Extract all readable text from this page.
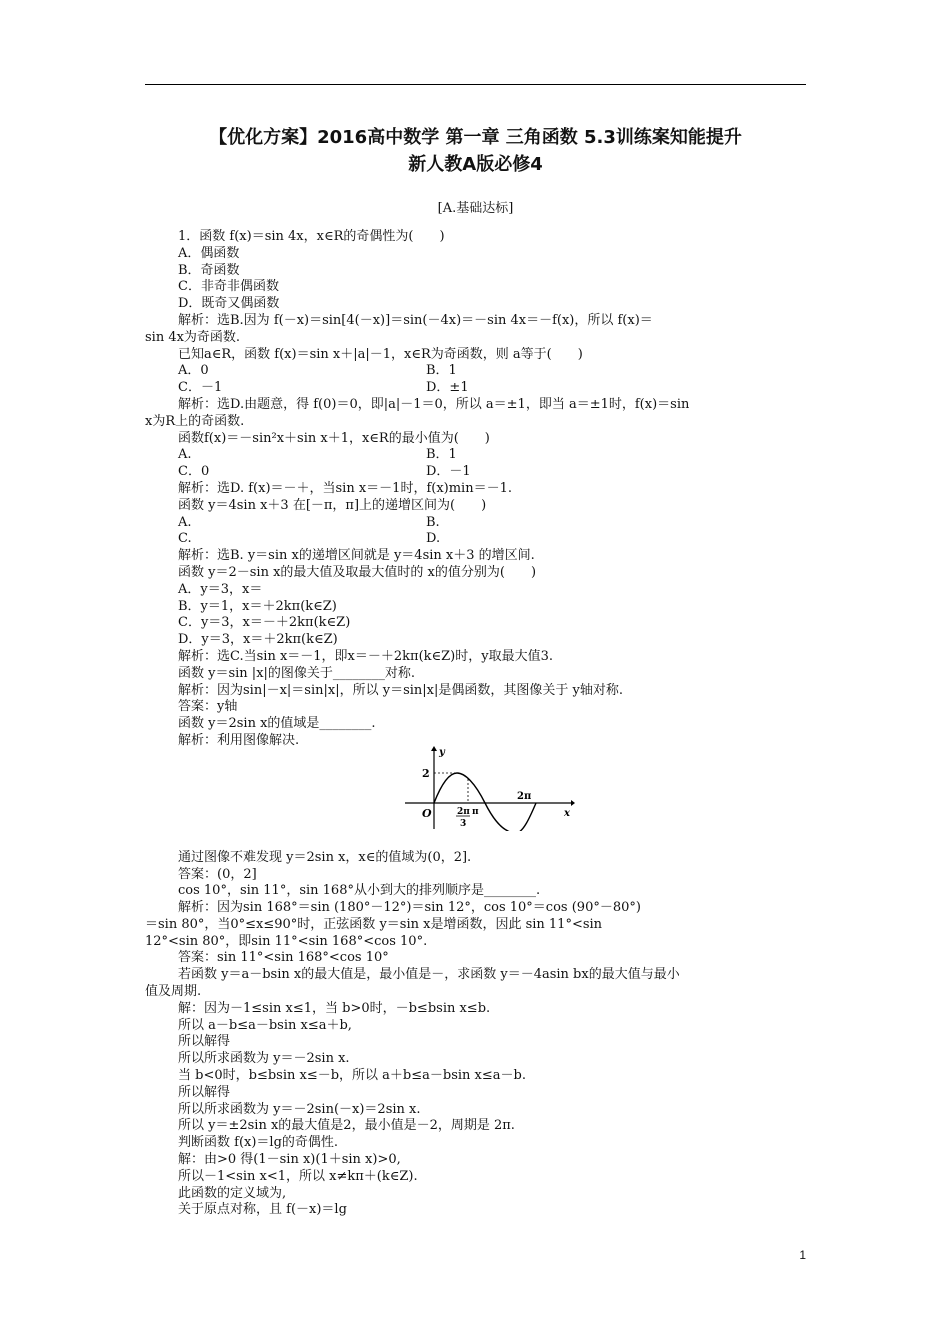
【优化方案】2016高中数学 第一章 三角函数 5.3训练案知能提升
新人教A版必修4
[A.基础达标]
1．函数 f(x)＝sin 4x，x∈R的奇偶性为(　　)
A．偶函数
B．奇函数
C．非奇非偶函数
D．既奇又偶函数
解析：选B.因为 f(－x)＝sin[4(－x)]＝sin(－4x)＝－sin 4x＝－f(x)，所以 f(x)＝
sin 4x为奇函数.
已知a∈R，函数 f(x)＝sin x＋|a|－1，x∈R为奇函数，则 a等于(　　)
A．0	B．1
C．－1	D．±1
解析：选D.由题意，得 f(0)＝0，即|a|－1＝0，所以 a＝±1，即当 a＝±1时，f(x)＝sin
x为R上的奇函数.
函数f(x)＝－sin²x＋sin x＋1，x∈R的最小值为(　　)
A.	B．1
C．0	D．－1
解析：选D. f(x)＝－＋，当sin x＝－1时，f(x)min＝－1.
函数 y＝4sin x＋3 在[－π，π]上的递增区间为(　　)
A.	B.
C.	D.
解析：选B. y＝sin x的递增区间就是 y＝4sin x＋3 的增区间.
函数 y＝2－sin x的最大值及取最大值时的 x的值分别为(　　)
A．y＝3，x＝
B．y＝1，x＝＋2kπ(k∈Z)
C．y＝3，x＝－＋2kπ(k∈Z)
D．y＝3，x＝＋2kπ(k∈Z)
解析：选C.当sin x＝－1，即x＝－＋2kπ(k∈Z)时，y取最大值3.
函数 y＝sin |x|的图像关于________对称.
解析：因为sin|－x|＝sin|x|，所以 y＝sin|x|是偶函数，其图像关于 y轴对称.
答案：y轴
函数 y＝2sin x的值域是________.
解析：利用图像解决.
通过图像不难发现 y＝2sin x，x∈的值域为(0，2].
答案：(0，2]
cos 10°，sin 11°，sin 168°从小到大的排列顺序是________.
解析：因为sin 168°＝sin (180°－12°)＝sin 12°，cos 10°＝cos (90°－80°)
＝sin 80°，当0°≤x≤90°时，正弦函数 y＝sin x是增函数，因此 sin 11°<sin
12°<sin 80°，即sin 11°<sin 168°<cos 10°.
答案：sin 11°<sin 168°<cos 10°
若函数 y＝a－bsin x的最大值是，最小值是－，求函数 y＝－4asin bx的最大值与最小
值及周期.
解：因为－1≤sin x≤1，当 b>0时，－b≤bsin x≤b.
所以 a－b≤a－bsin x≤a＋b,
所以解得
所以所求函数为 y＝－2sin x.
当 b<0时，b≤bsin x≤－b，所以 a＋b≤a－bsin x≤a－b.
所以解得
所以所求函数为 y＝－2sin(－x)＝2sin x.
所以 y＝±2sin x的最大值是2，最小值是－2，周期是 2π.
判断函数 f(x)＝lg的奇偶性.
解：由>0 得(1－sin x)(1＋sin x)>0,
所以－1<sin x<1，所以 x≠kπ＋(k∈Z).
此函数的定义域为,
关于原点对称，且 f(－x)＝lg
y
x
O
2
2π
3
π
2π
1
